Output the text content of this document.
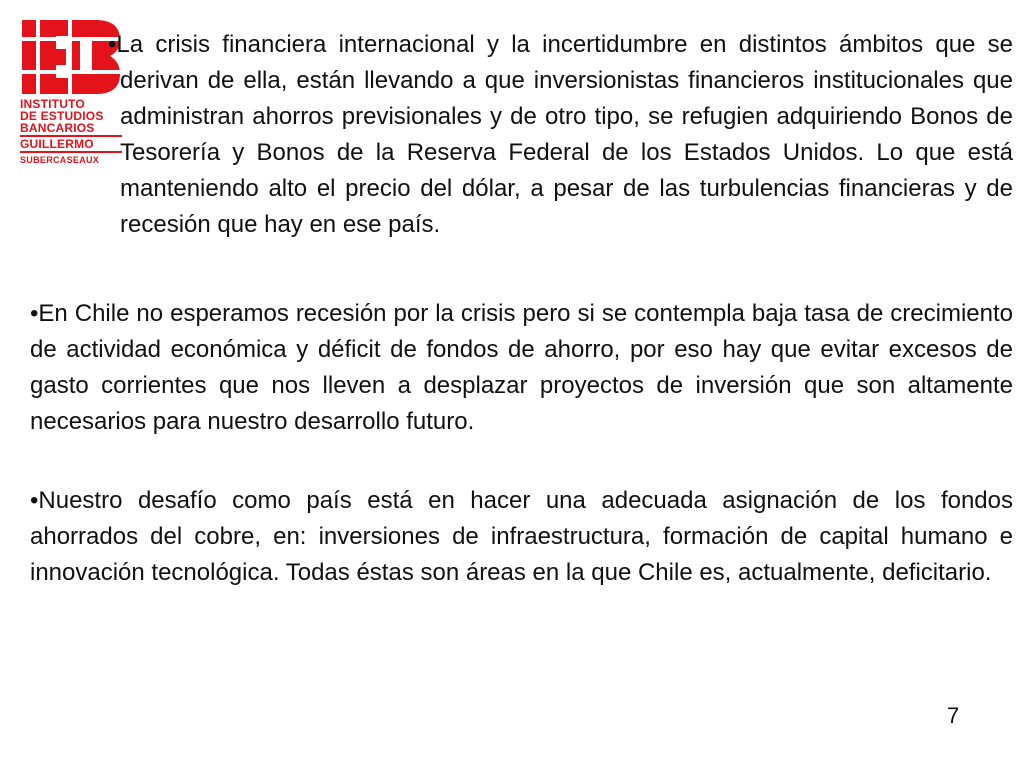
INSTITUTO
DE ESTUDIOS
BANCARIOS
GUILLERMO
SUBERCASEAUX

•La crisis financiera internacional y la incertidumbre en distintos ámbitos que se derivan de ella, están llevando a que inversionistas financieros institucionales que administran ahorros previsionales y de otro tipo, se refugien adquiriendo Bonos de Tesorería y Bonos de la Reserva Federal de los Estados Unidos. Lo que está manteniendo alto el precio del dólar, a pesar de las turbulencias financieras y de recesión que hay en ese país.

•En Chile no esperamos recesión por la crisis pero si se contempla baja tasa de crecimiento de actividad económica y déficit de fondos de ahorro, por eso hay que evitar excesos de gasto corrientes que nos lleven a desplazar proyectos de inversión que son altamente necesarios para nuestro desarrollo futuro.

•Nuestro desafío como país está en hacer una adecuada asignación de los fondos ahorrados del cobre, en: inversiones de infraestructura, formación de capital humano e innovación tecnológica. Todas éstas son áreas en la que Chile es, actualmente, deficitario.

7
